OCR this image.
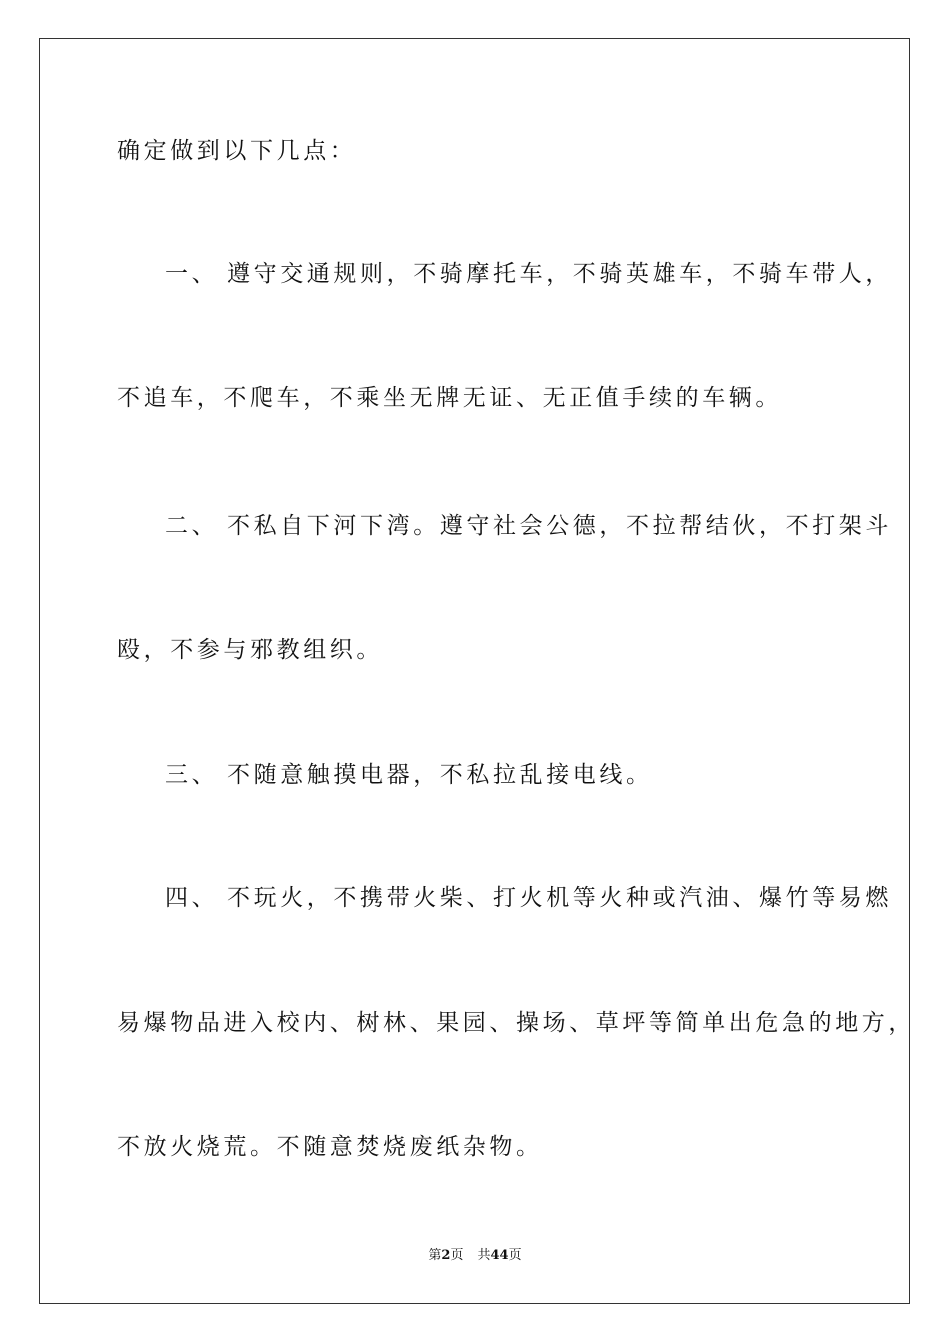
确定做到以下几点：
一、 遵守交通规则，不骑摩托车，不骑英雄车，不骑车带人，
不追车，不爬车，不乘坐无牌无证、无正值手续的车辆。
二、 不私自下河下湾。遵守社会公德，不拉帮结伙，不打架斗
殴，不参与邪教组织。
三、 不随意触摸电器，不私拉乱接电线。
四、 不玩火，不携带火柴、打火机等火种或汽油、爆竹等易燃
易爆物品进入校内、树林、果园、操场、草坪等简单出危急的地方，
不放火烧荒。不随意焚烧废纸杂物。
第2页 共44页
